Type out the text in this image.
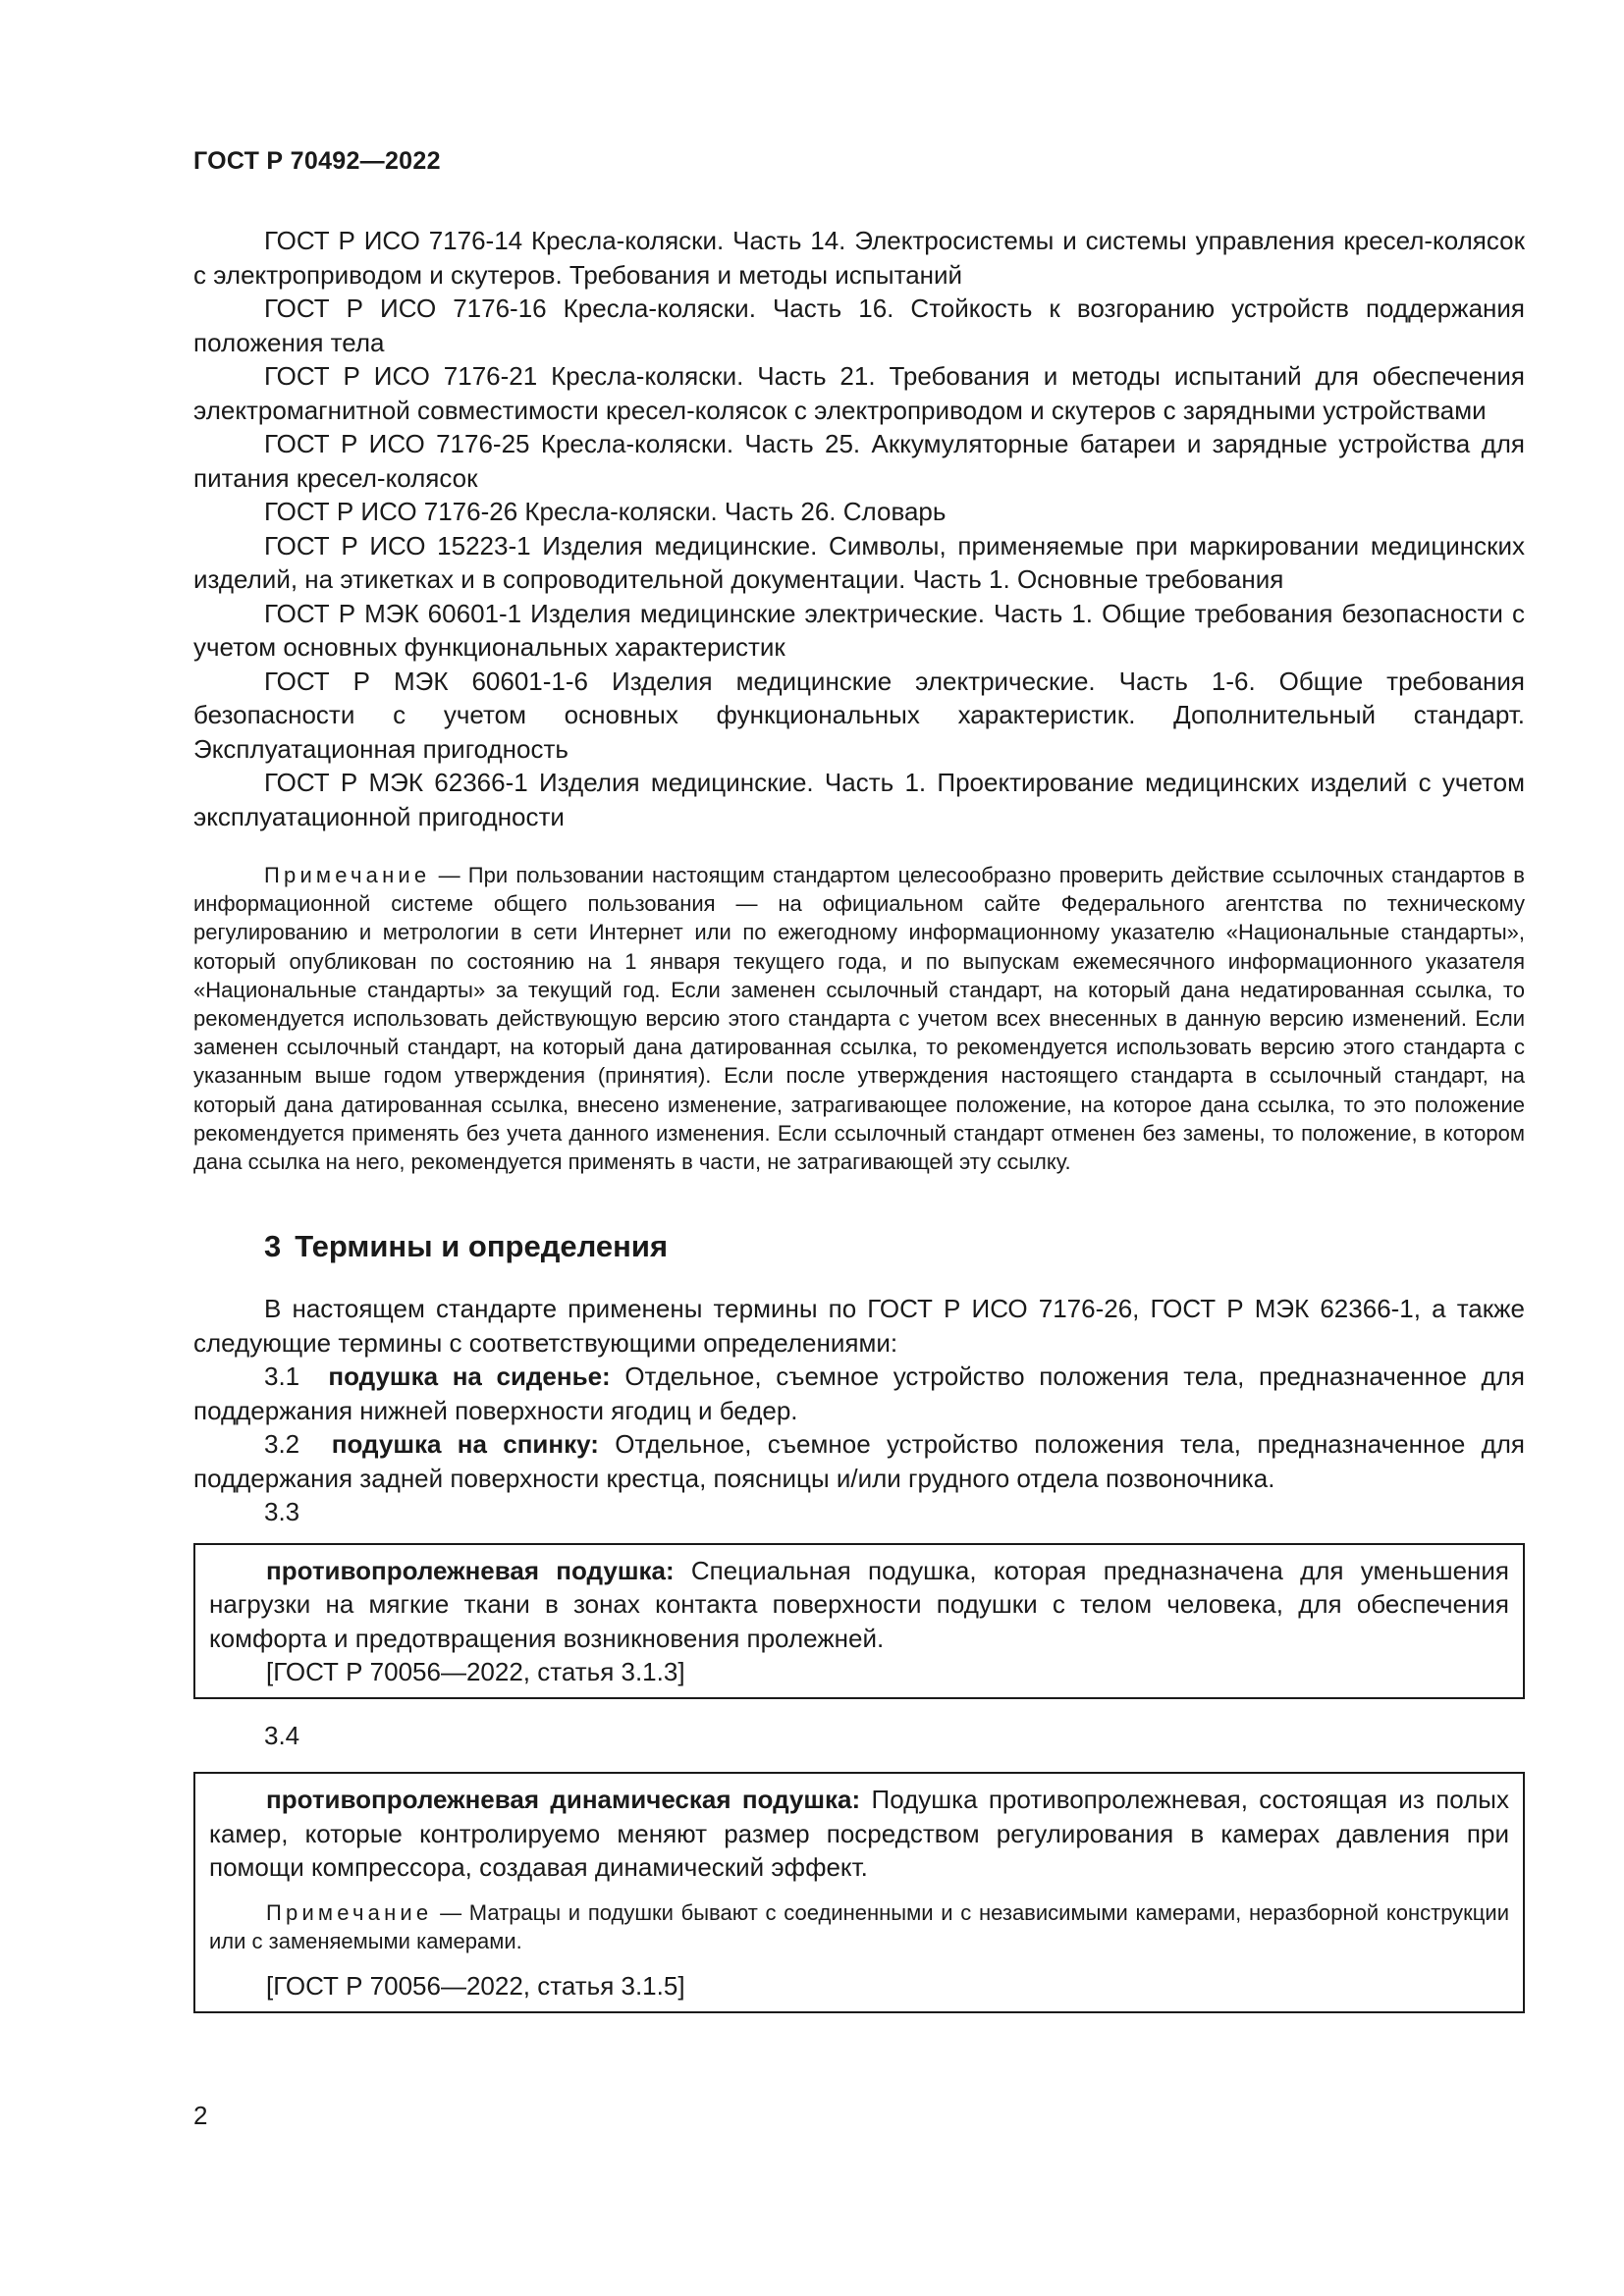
ГОСТ Р 70492—2022

ГОСТ Р ИСО 7176-14 Кресла-коляски. Часть 14. Электросистемы и системы управления кресел-колясок с электроприводом и скутеров. Требования и методы испытаний

ГОСТ Р ИСО 7176-16 Кресла-коляски. Часть 16. Стойкость к возгоранию устройств поддержания положения тела

ГОСТ Р ИСО 7176-21 Кресла-коляски. Часть 21. Требования и методы испытаний для обеспечения электромагнитной совместимости кресел-колясок с электроприводом и скутеров с зарядными устройствами

ГОСТ Р ИСО 7176-25 Кресла-коляски. Часть 25. Аккумуляторные батареи и зарядные устройства для питания кресел-колясок

ГОСТ Р ИСО 7176-26 Кресла-коляски. Часть 26. Словарь

ГОСТ Р ИСО 15223-1 Изделия медицинские. Символы, применяемые при маркировании медицинских изделий, на этикетках и в сопроводительной документации. Часть 1. Основные требования

ГОСТ Р МЭК 60601-1 Изделия медицинские электрические. Часть 1. Общие требования безопасности с учетом основных функциональных характеристик

ГОСТ Р МЭК 60601-1-6 Изделия медицинские электрические. Часть 1-6. Общие требования безопасности с учетом основных функциональных характеристик. Дополнительный стандарт. Эксплуатационная пригодность

ГОСТ Р МЭК 62366-1 Изделия медицинские. Часть 1. Проектирование медицинских изделий с учетом эксплуатационной пригодности

Примечание — При пользовании настоящим стандартом целесообразно проверить действие ссылочных стандартов в информационной системе общего пользования — на официальном сайте Федерального агентства по техническому регулированию и метрологии в сети Интернет или по ежегодному информационному указателю «Национальные стандарты», который опубликован по состоянию на 1 января текущего года, и по выпускам ежемесячного информационного указателя «Национальные стандарты» за текущий год. Если заменен ссылочный стандарт, на который дана недатированная ссылка, то рекомендуется использовать действующую версию этого стандарта с учетом всех внесенных в данную версию изменений. Если заменен ссылочный стандарт, на который дана датированная ссылка, то рекомендуется использовать версию этого стандарта с указанным выше годом утверждения (принятия). Если после утверждения настоящего стандарта в ссылочный стандарт, на который дана датированная ссылка, внесено изменение, затрагивающее положение, на которое дана ссылка, то это положение рекомендуется применять без учета данного изменения. Если ссылочный стандарт отменен без замены, то положение, в котором дана ссылка на него, рекомендуется применять в части, не затрагивающей эту ссылку.

3 Термины и определения

В настоящем стандарте применены термины по ГОСТ Р ИСО 7176-26, ГОСТ Р МЭК 62366-1, а также следующие термины с соответствующими определениями:

3.1 подушка на сиденье: Отдельное, съемное устройство положения тела, предназначенное для поддержания нижней поверхности ягодиц и бедер.

3.2 подушка на спинку: Отдельное, съемное устройство положения тела, предназначенное для поддержания задней поверхности крестца, поясницы и/или грудного отдела позвоночника.

3.3

противопролежневая подушка: Специальная подушка, которая предназначена для уменьшения нагрузки на мягкие ткани в зонах контакта поверхности подушки с телом человека, для обеспечения комфорта и предотвращения возникновения пролежней.

[ГОСТ Р 70056—2022, статья 3.1.3]

3.4

противопролежневая динамическая подушка: Подушка противопролежневая, состоящая из полых камер, которые контролируемо меняют размер посредством регулирования в камерах давления при помощи компрессора, создавая динамический эффект.

Примечание — Матрацы и подушки бывают с соединенными и с независимыми камерами, неразборной конструкции или с заменяемыми камерами.

[ГОСТ Р 70056—2022, статья 3.1.5]

2
